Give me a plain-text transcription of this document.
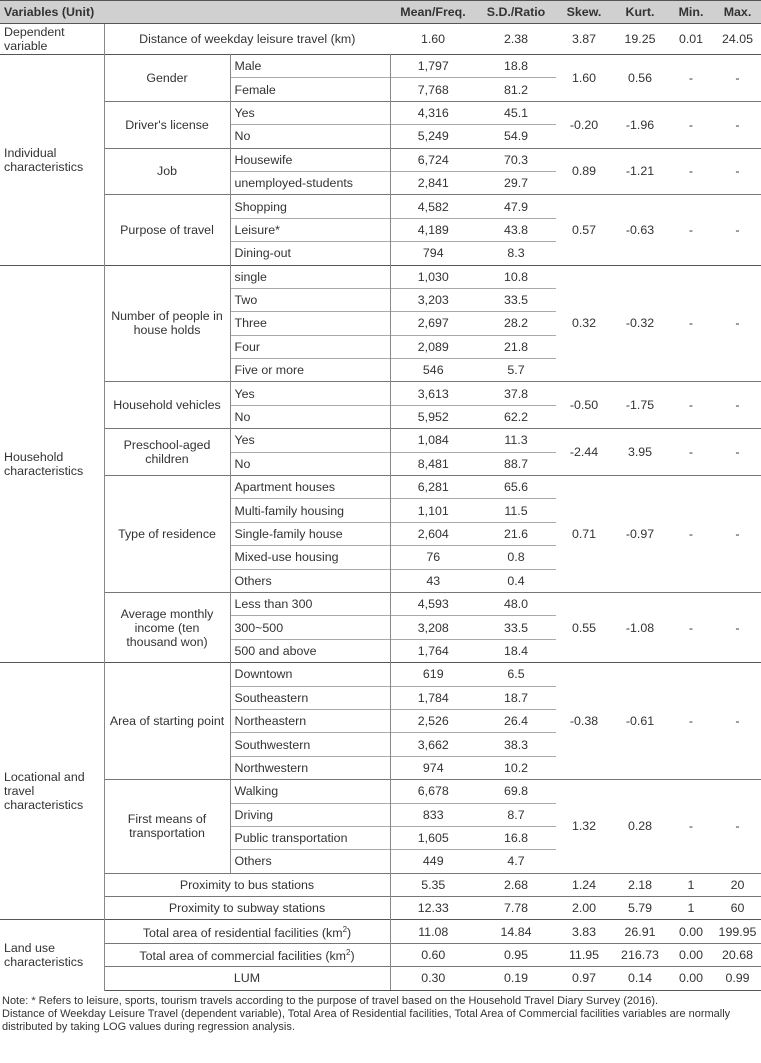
Variables (Unit)			Mean/Freq.	S.D./Ratio	Skew.	Kurt.	Min.	Max.
Dependent variable	Distance of weekday leisure travel (km)		1.60	2.38	3.87	19.25	0.01	24.05
Individual characteristics	Gender	Male	1,797	18.8	1.60	0.56	-	-
		Female	7,768	81.2				
	Driver's license	Yes	4,316	45.1	-0.20	-1.96	-	-
		No	5,249	54.9				
	Job	Housewife	6,724	70.3	0.89	-1.21	-	-
		unemployed-students	2,841	29.7				
	Purpose of travel	Shopping	4,582	47.9	0.57	-0.63	-	-
		Leisure*	4,189	43.8				
		Dining-out	794	8.3				
Household characteristics	Number of people in house holds	single	1,030	10.8	0.32	-0.32	-	-
		Two	3,203	33.5				
		Three	2,697	28.2				
		Four	2,089	21.8				
		Five or more	546	5.7				
	Household vehicles	Yes	3,613	37.8	-0.50	-1.75	-	-
		No	5,952	62.2				
	Preschool-aged children	Yes	1,084	11.3	-2.44	3.95	-	-
		No	8,481	88.7				
	Type of residence	Apartment houses	6,281	65.6	0.71	-0.97	-	-
		Multi-family housing	1,101	11.5				
		Single-family house	2,604	21.6				
		Mixed-use housing	76	0.8				
		Others	43	0.4				
	Average monthly income (ten thousand won)	Less than 300	4,593	48.0	0.55	-1.08	-	-
		300~500	3,208	33.5				
		500 and above	1,764	18.4				
Locational and travel characteristics	Area of starting point	Downtown	619	6.5	-0.38	-0.61	-	-
		Southeastern	1,784	18.7				
		Northeastern	2,526	26.4				
		Southwestern	3,662	38.3				
		Northwestern	974	10.2				
	First means of transportation	Walking	6,678	69.8	1.32	0.28	-	-
		Driving	833	8.7				
		Public transportation	1,605	16.8				
		Others	449	4.7				
	Proximity to bus stations		5.35	2.68	1.24	2.18	1	20
	Proximity to subway stations		12.33	7.78	2.00	5.79	1	60
Land use characteristics	Total area of residential facilities $(km^2)$		11.08	14.84	3.83	26.91	0.00	199.95
	Total area of commercial facilities $(km^2)$		0.60	0.95	11.95	216.73	0.00	20.68
	LUM		0.30	0.19	0.97	0.14	0.00	0.99
Note: * Refers to leisure, sports, tourism travels according to the purpose of travel based on the Household Travel Diary Survey (2016).
Distance of Weekday Leisure Travel (dependent variable), Total Area of Residential facilities, Total Area of Commercial facilities variables are normally distributed by taking LOG values during regression analysis.
